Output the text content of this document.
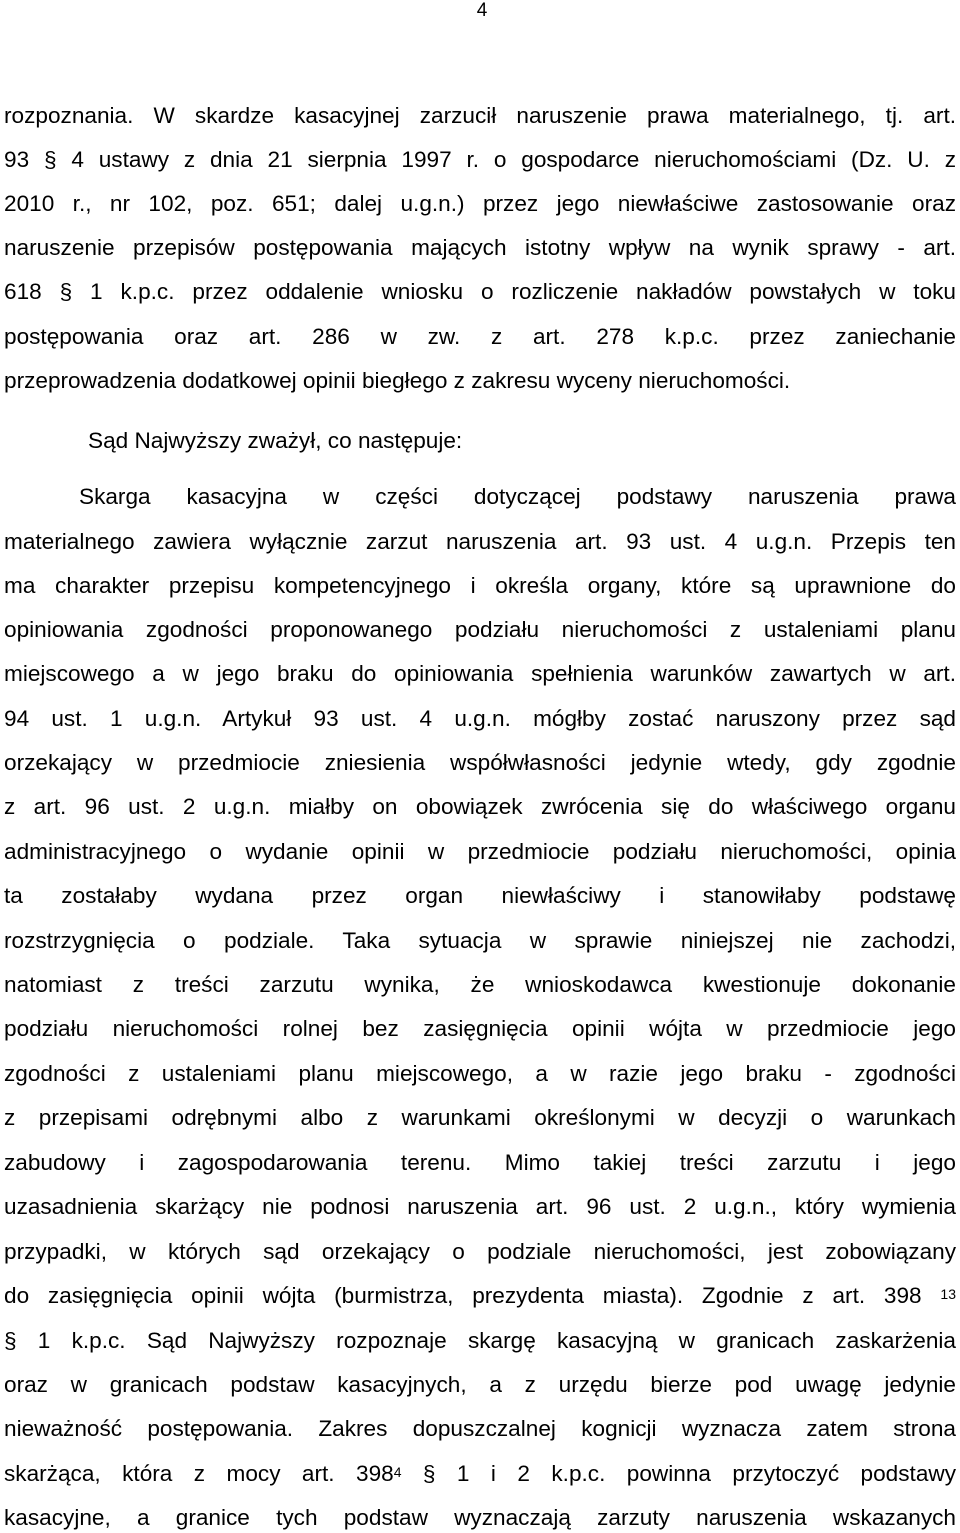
4
rozpoznania. W skardze kasacyjnej zarzucił naruszenie prawa materialnego, tj. art.
93 § 4 ustawy z dnia 21 sierpnia 1997 r. o gospodarce nieruchomościami (Dz. U. z
2010 r., nr 102, poz. 651; dalej u.g.n.) przez jego niewłaściwe zastosowanie oraz
naruszenie przepisów postępowania mających istotny wpływ na wynik sprawy - art.
618 § 1 k.p.c. przez oddalenie wniosku o rozliczenie nakładów powstałych w toku
postępowania oraz art. 286 w zw. z art. 278 k.p.c. przez zaniechanie
przeprowadzenia dodatkowej opinii biegłego z zakresu wyceny nieruchomości.
Sąd Najwyższy zważył, co następuje:
Skarga kasacyjna w części dotyczącej podstawy naruszenia prawa
materialnego zawiera wyłącznie zarzut naruszenia art. 93 ust. 4 u.g.n. Przepis ten
ma charakter przepisu kompetencyjnego i określa organy, które są uprawnione do
opiniowania zgodności proponowanego podziału nieruchomości z ustaleniami planu
miejscowego a w jego braku do opiniowania spełnienia warunków zawartych w art.
94 ust. 1 u.g.n. Artykuł 93 ust. 4 u.g.n. mógłby zostać naruszony przez sąd
orzekający w przedmiocie zniesienia współwłasności jedynie wtedy, gdy zgodnie
z art. 96 ust. 2 u.g.n. miałby on obowiązek zwrócenia się do właściwego organu
administracyjnego o wydanie opinii w przedmiocie podziału nieruchomości, opinia
ta zostałaby wydana przez organ niewłaściwy i stanowiłaby podstawę
rozstrzygnięcia o podziale. Taka sytuacja w sprawie niniejszej nie zachodzi,
natomiast z treści zarzutu wynika, że wnioskodawca kwestionuje dokonanie
podziału nieruchomości rolnej bez zasięgnięcia opinii wójta w przedmiocie jego
zgodności z ustaleniami planu miejscowego, a w razie jego braku - zgodności
z przepisami odrębnymi albo z warunkami określonymi w decyzji o warunkach
zabudowy i zagospodarowania terenu. Mimo takiej treści zarzutu i jego
uzasadnienia skarżący nie podnosi naruszenia art. 96 ust. 2 u.g.n., który wymienia
przypadki, w których sąd orzekający o podziale nieruchomości, jest zobowiązany
do zasięgnięcia opinii wójta (burmistrza, prezydenta miasta). Zgodnie z art. 398 $^{13}$
§ 1 k.p.c. Sąd Najwyższy rozpoznaje skargę kasacyjną w granicach zaskarżenia
oraz w granicach podstaw kasacyjnych, a z urzędu bierze pod uwagę jedynie
nieważność postępowania. Zakres dopuszczalnej kognicji wyznacza zatem strona
skarżąca, która z mocy art. $398^4$ § 1 i 2 k.p.c. powinna przytoczyć podstawy
kasacyjne, a granice tych podstaw wyznaczają zarzuty naruszenia wskazanych
